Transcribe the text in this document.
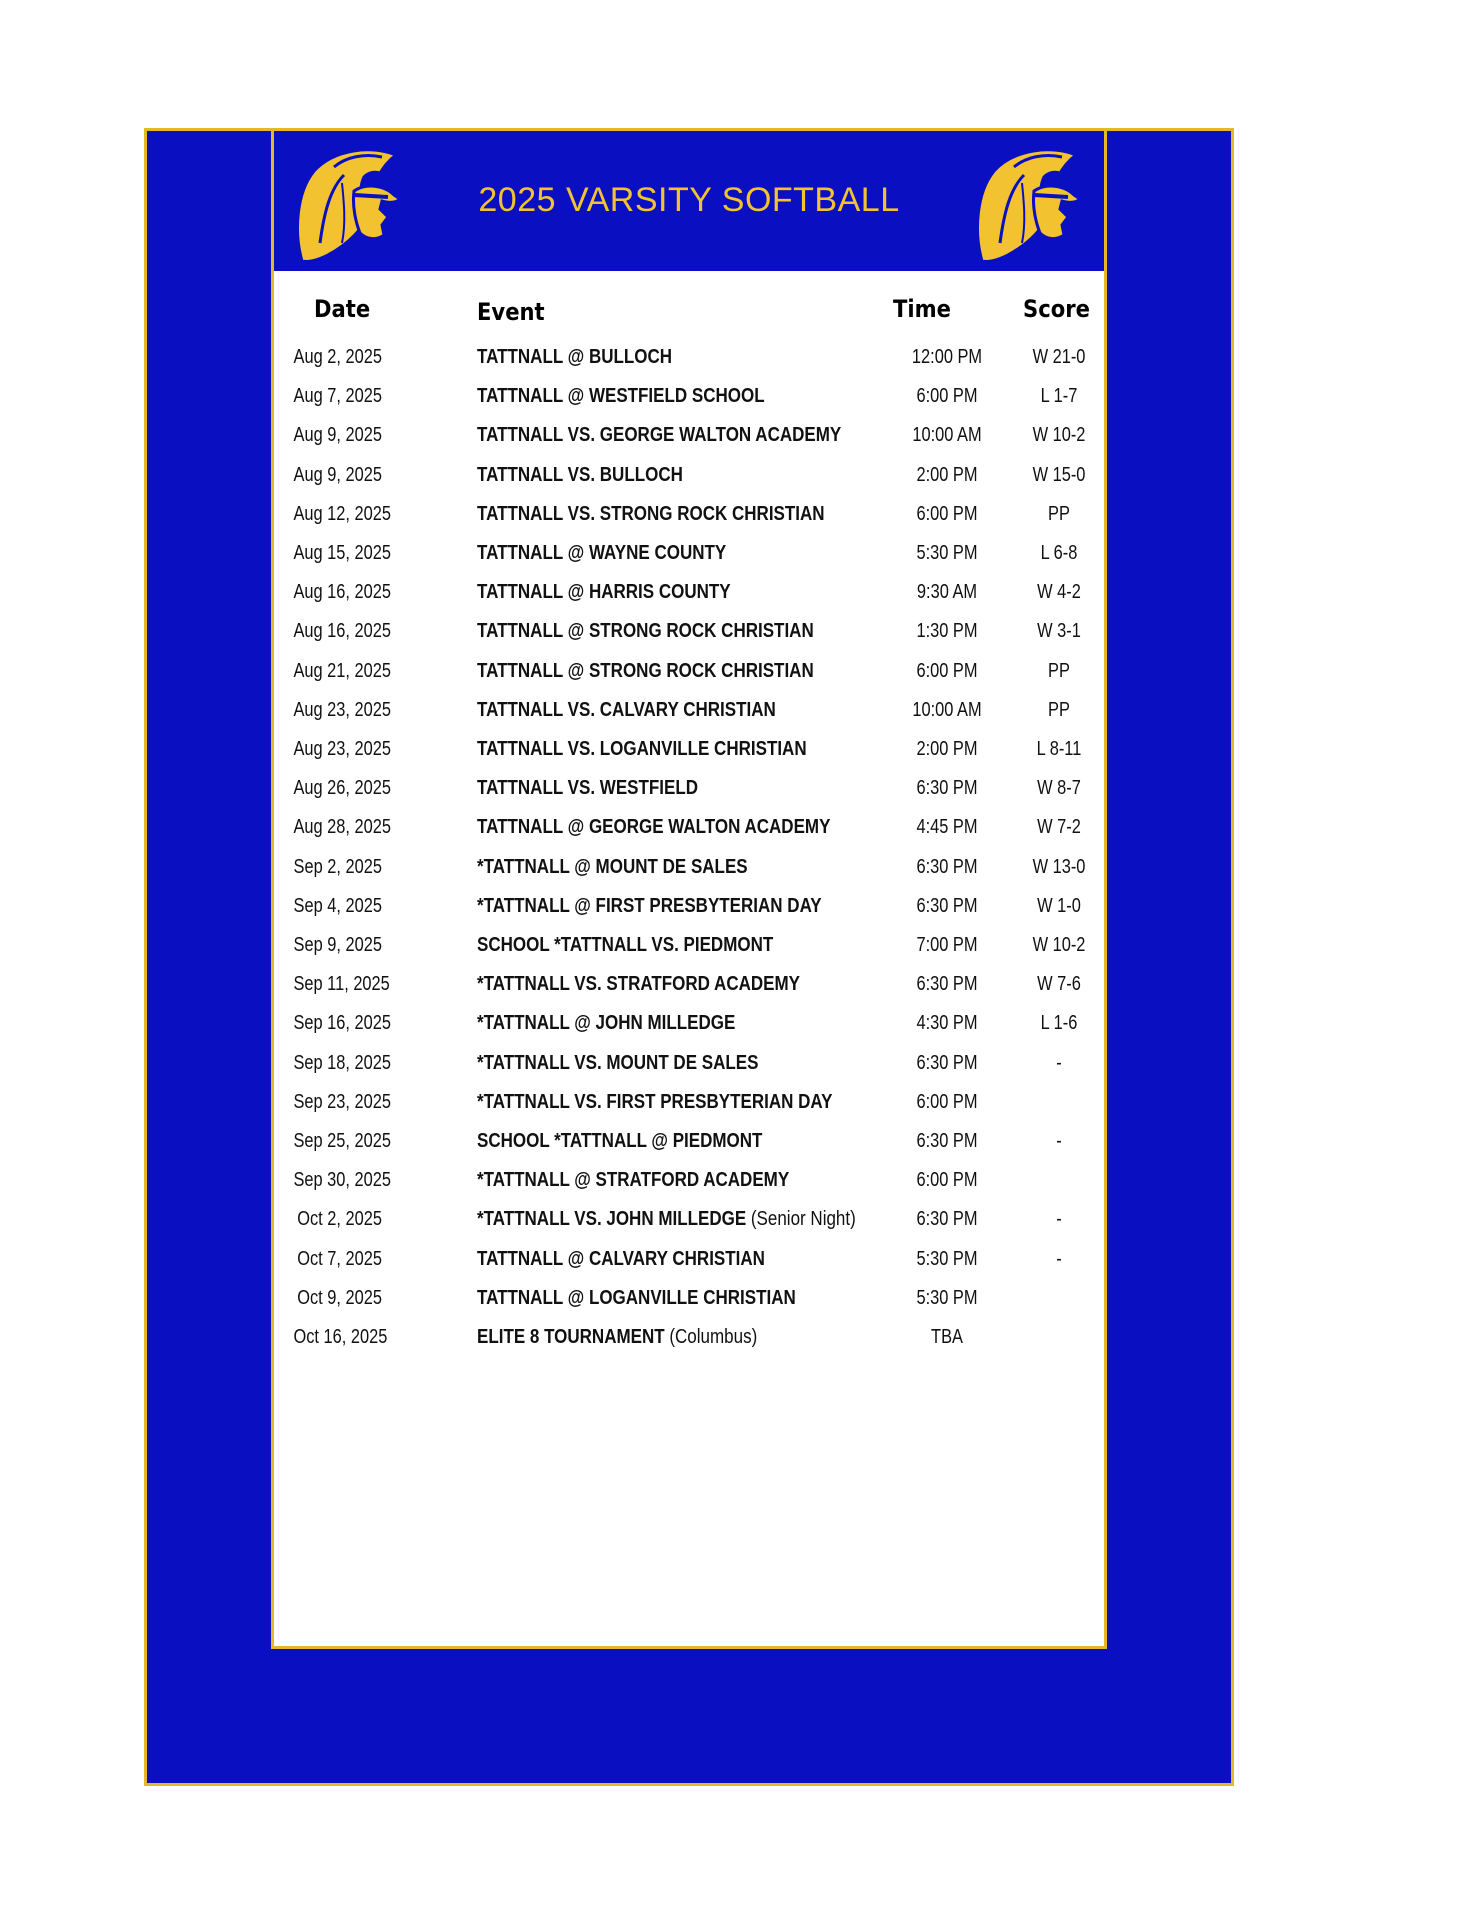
2025 VARSITY SOFTBALL
Date	Event	Time	Score
Aug 2, 2025	TATTNALL @ BULLOCH	12:00 PM	W 21-0
Aug 7, 2025	TATTNALL @ WESTFIELD SCHOOL	6:00 PM	L 1-7
Aug 9, 2025	TATTNALL VS. GEORGE WALTON ACADEMY	10:00 AM	W 10-2
Aug 9, 2025	TATTNALL VS. BULLOCH	2:00 PM	W 15-0
Aug 12, 2025	TATTNALL VS. STRONG ROCK CHRISTIAN	6:00 PM	PP
Aug 15, 2025	TATTNALL @ WAYNE COUNTY	5:30 PM	L 6-8
Aug 16, 2025	TATTNALL @ HARRIS COUNTY	9:30 AM	W 4-2
Aug 16, 2025	TATTNALL @ STRONG ROCK CHRISTIAN	1:30 PM	W 3-1
Aug 21, 2025	TATTNALL @ STRONG ROCK CHRISTIAN	6:00 PM	PP
Aug 23, 2025	TATTNALL VS. CALVARY CHRISTIAN	10:00 AM	PP
Aug 23, 2025	TATTNALL VS. LOGANVILLE CHRISTIAN	2:00 PM	L 8-11
Aug 26, 2025	TATTNALL VS. WESTFIELD	6:30 PM	W 8-7
Aug 28, 2025	TATTNALL @ GEORGE WALTON ACADEMY	4:45 PM	W 7-2
Sep 2, 2025	*TATTNALL @ MOUNT DE SALES	6:30 PM	W 13-0
Sep 4, 2025	*TATTNALL @ FIRST PRESBYTERIAN DAY	6:30 PM	W 1-0
Sep 9, 2025	SCHOOL *TATTNALL VS. PIEDMONT	7:00 PM	W 10-2
Sep 11, 2025	*TATTNALL VS. STRATFORD ACADEMY	6:30 PM	W 7-6
Sep 16, 2025	*TATTNALL @ JOHN MILLEDGE	4:30 PM	L 1-6
Sep 18, 2025	*TATTNALL VS. MOUNT DE SALES	6:30 PM	-
Sep 23, 2025	*TATTNALL VS. FIRST PRESBYTERIAN DAY	6:00 PM
Sep 25, 2025	SCHOOL *TATTNALL @ PIEDMONT	6:30 PM	-
Sep 30, 2025	*TATTNALL @ STRATFORD ACADEMY	6:00 PM
Oct 2, 2025	*TATTNALL VS. JOHN MILLEDGE (Senior Night)	6:30 PM	-
Oct 7, 2025	TATTNALL @ CALVARY CHRISTIAN	5:30 PM	-
Oct 9, 2025	TATTNALL @ LOGANVILLE CHRISTIAN	5:30 PM
Oct 16, 2025	ELITE 8 TOURNAMENT (Columbus)	TBA
